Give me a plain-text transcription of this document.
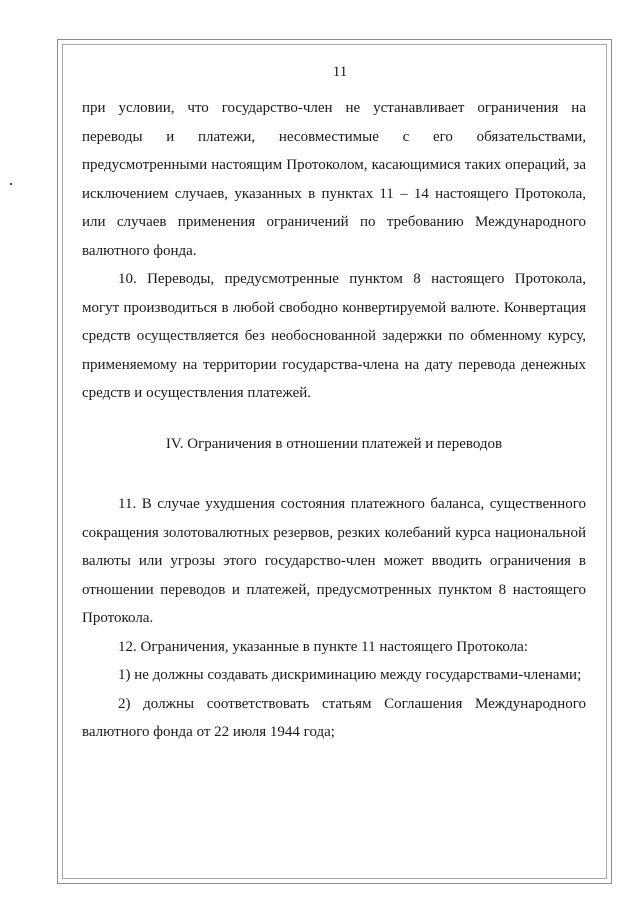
11

при условии, что государство-член не устанавливает ограничения на переводы и платежи, несовместимые с его обязательствами, предусмотренными настоящим Протоколом, касающимися таких операций, за исключением случаев, указанных в пунктах 11 – 14 настоящего Протокола, или случаев применения ограничений по требованию Международного валютного фонда.

10. Переводы, предусмотренные пунктом 8 настоящего Протокола, могут производиться в любой свободно конвертируемой валюте. Конвертация средств осуществляется без необоснованной задержки по обменному курсу, применяемому на территории государства-члена на дату перевода денежных средств и осуществления платежей.

IV. Ограничения в отношении платежей и переводов

11. В случае ухудшения состояния платежного баланса, существенного сокращения золотовалютных резервов, резких колебаний курса национальной валюты или угрозы этого государство-член может вводить ограничения в отношении переводов и платежей, предусмотренных пунктом 8 настоящего Протокола.

12. Ограничения, указанные в пункте 11 настоящего Протокола:

1) не должны создавать дискриминацию между государствами-членами;

2) должны соответствовать статьям Соглашения Международного валютного фонда от 22 июля 1944 года;
